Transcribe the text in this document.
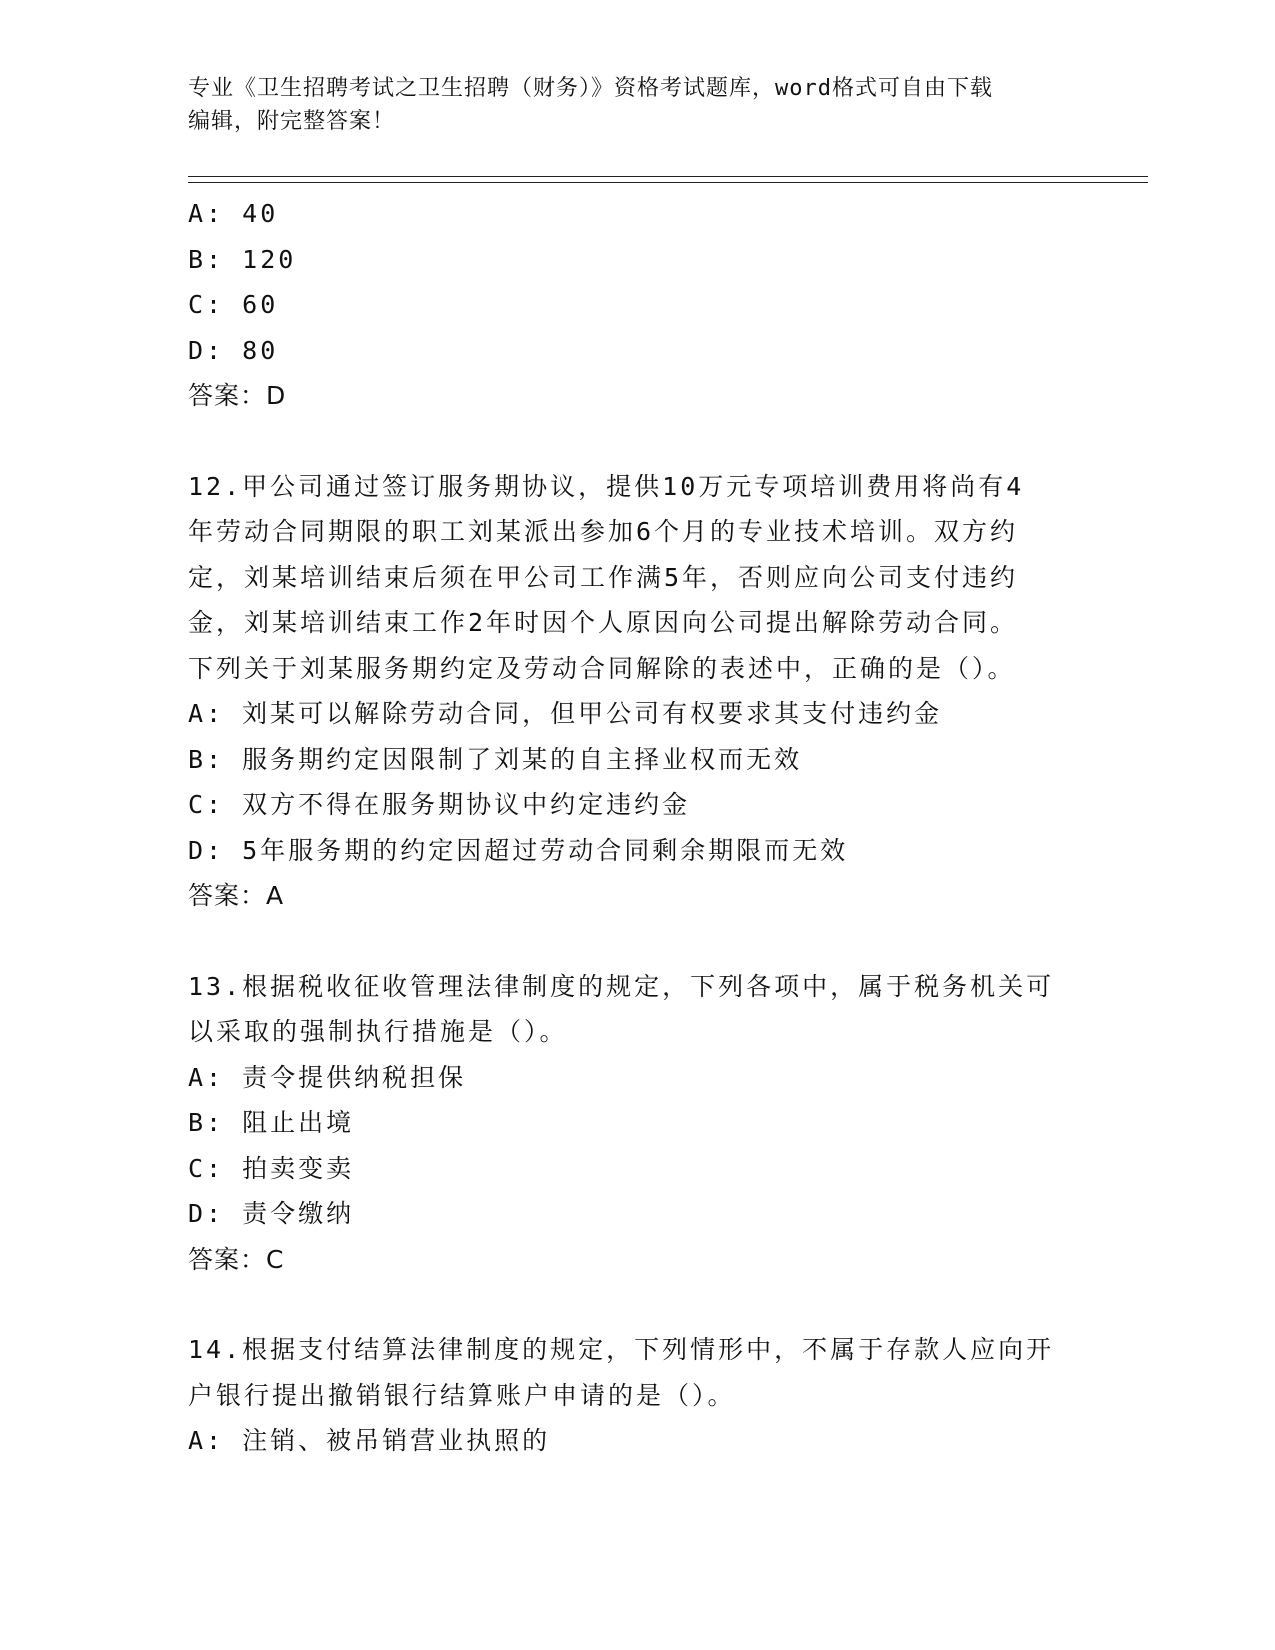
专业《卫生招聘考试之卫生招聘（财务）》资格考试题库，word格式可自由下载
编辑，附完整答案！
A: 40
B: 120
C: 60
D: 80
答案：D
12.甲公司通过签订服务期协议，提供10万元专项培训费用将尚有4
年劳动合同期限的职工刘某派出参加6个月的专业技术培训。双方约
定，刘某培训结束后须在甲公司工作满5年，否则应向公司支付违约
金，刘某培训结束工作2年时因个人原因向公司提出解除劳动合同。
下列关于刘某服务期约定及劳动合同解除的表述中，正确的是（）。
A: 刘某可以解除劳动合同，但甲公司有权要求其支付违约金
B: 服务期约定因限制了刘某的自主择业权而无效
C: 双方不得在服务期协议中约定违约金
D: 5年服务期的约定因超过劳动合同剩余期限而无效
答案：A
13.根据税收征收管理法律制度的规定，下列各项中，属于税务机关可
以采取的强制执行措施是（）。
A: 责令提供纳税担保
B: 阻止出境
C: 拍卖变卖
D: 责令缴纳
答案：C
14.根据支付结算法律制度的规定，下列情形中，不属于存款人应向开
户银行提出撤销银行结算账户申请的是（）。
A: 注销、被吊销营业执照的
